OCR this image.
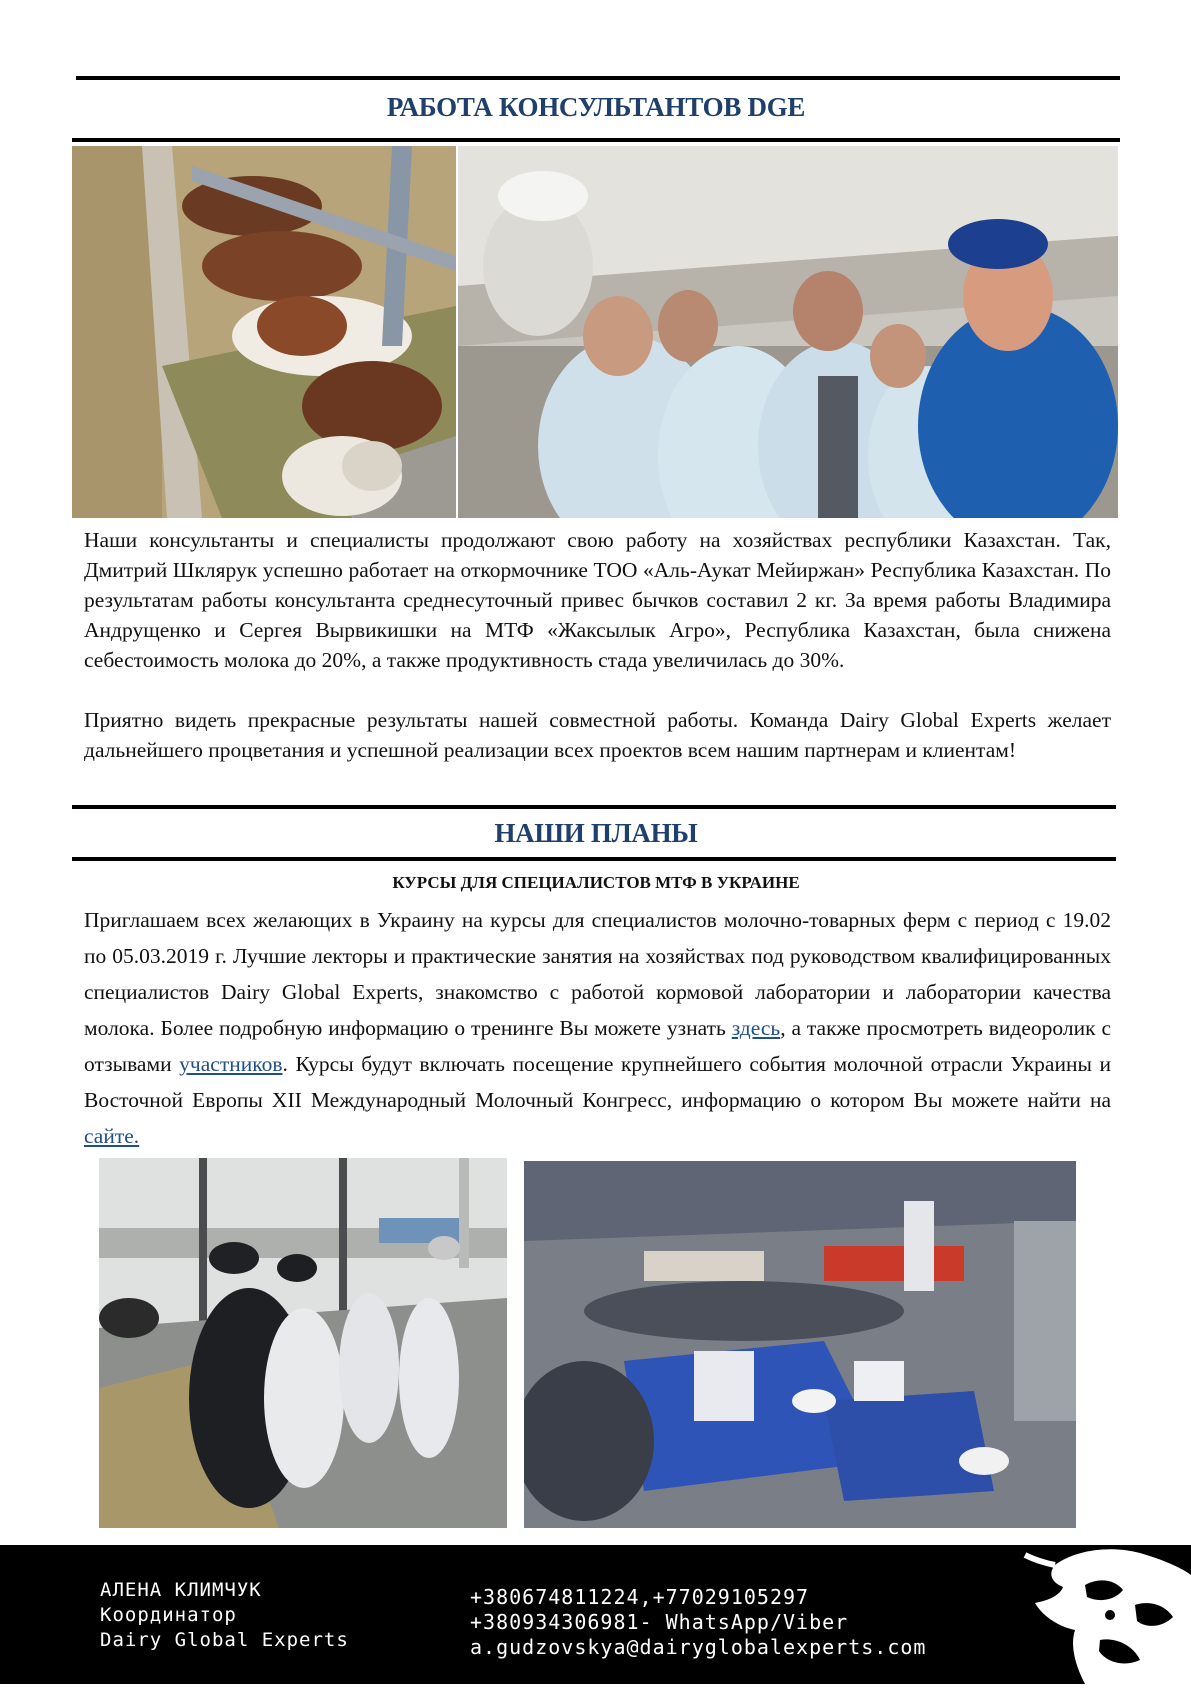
РАБОТА КОНСУЛЬТАНТОВ DGE
Наши консультанты и специалисты продолжают свою работу на хозяйствах республики Казахстан. Так, Дмитрий Шклярук успешно работает на откормочнике ТОО «Аль-Аукат Мейиржан» Республика Казахстан. По результатам работы консультанта среднесуточный привес бычков составил 2 кг. За время работы Владимира Андрущенко и Сергея Вырвикишки на МТФ «Жаксылык Агро», Республика Казахстан, была снижена себестоимость молока до 20%, а также продуктивность стада увеличилась до 30%.
Приятно видеть прекрасные результаты нашей совместной работы. Команда Dairy Global Experts желает дальнейшего процветания и успешной реализации всех проектов всем нашим партнерам и клиентам!
НАШИ ПЛАНЫ
КУРСЫ ДЛЯ СПЕЦИАЛИСТОВ МТФ В УКРАИНЕ
Приглашаем всех желающих в Украину на курсы для специалистов молочно-товарных ферм с период с 19.02 по 05.03.2019 г. Лучшие лекторы и практические занятия на хозяйствах под руководством квалифицированных специалистов Dairy Global Experts, знакомство с работой кормовой лаборатории и лаборатории качества молока. Более подробную информацию о тренинге Вы можете узнать здесь, а также просмотреть видеоролик с отзывами участников. Курсы будут включать посещение крупнейшего события молочной отрасли Украины и Восточной Европы XII Международный Молочный Конгресс, информацию о котором Вы можете найти на сайте.
АЛЕНА КЛИМЧУК
Координатор
Dairy Global Experts
+380674811224,+77029105297
+380934306981- WhatsApp/Viber
a.gudzovskya@dairyglobalexperts.com
